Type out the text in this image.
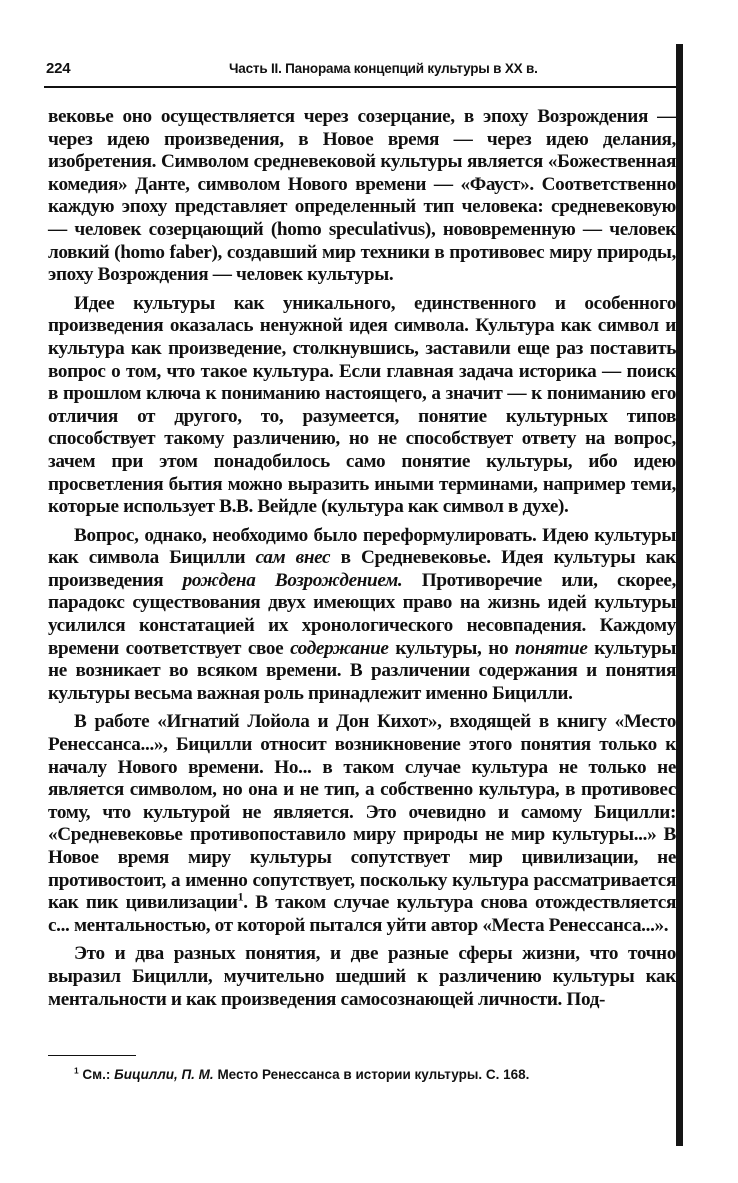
224	Часть II. Панорама концепций культуры в XX в.

вековье оно осуществляется через созерцание, в эпоху Возрождения — через идею произведения, в Новое время — через идею делания, изобретения. Символом средневековой культуры является «Божественная комедия» Данте, символом Нового времени — «Фауст». Соответственно каждую эпоху представляет определенный тип человека: средневековую — человек созерцающий (homo speculativus), нововременную — человек ловкий (homo faber), создавший мир техники в противовес миру природы, эпоху Возрождения — человек культуры.

Идее культуры как уникального, единственного и особенного произведения оказалась ненужной идея символа. Культура как символ и культура как произведение, столкнувшись, заставили еще раз поставить вопрос о том, что такое культура. Если главная задача историка — поиск в прошлом ключа к пониманию настоящего, а значит — к пониманию его отличия от другого, то, разумеется, понятие культурных типов способствует такому различению, но не способствует ответу на вопрос, зачем при этом понадобилось само понятие культуры, ибо идею просветления бытия можно выразить иными терминами, например теми, которые использует В.В. Вейдле (культура как символ в духе).

Вопрос, однако, необходимо было переформулировать. Идею культуры как символа Бицилли сам внес в Средневековье. Идея культуры как произведения рождена Возрождением. Противоречие или, скорее, парадокс существования двух имеющих право на жизнь идей культуры усилился констатацией их хронологического несовпадения. Каждому времени соответствует свое содержание культуры, но понятие культуры не возникает во всяком времени. В различении содержания и понятия культуры весьма важная роль принадлежит именно Бицилли.

В работе «Игнатий Лойола и Дон Кихот», входящей в книгу «Место Ренессанса...», Бицилли относит возникновение этого понятия только к началу Нового времени. Но... в таком случае культура не только не является символом, но она и не тип, а собственно культура, в противовес тому, что культурой не является. Это очевидно и самому Бицилли: «Средневековье противопоставило миру природы не мир культуры...» В Новое время миру культуры сопутствует мир цивилизации, не противостоит, а именно сопутствует, поскольку культура рассматривается как пик цивилизации$^1$. В таком случае культура снова отождествляется с... ментальностью, от которой пытался уйти автор «Места Ренессанса...».

Это и два разных понятия, и две разные сферы жизни, что точно выразил Бицилли, мучительно шедший к различению культуры как ментальности и как произведения самосознающей личности. Под-

$^1$ См.: Бицилли, П. М. Место Ренессанса в истории культуры. С. 168.
